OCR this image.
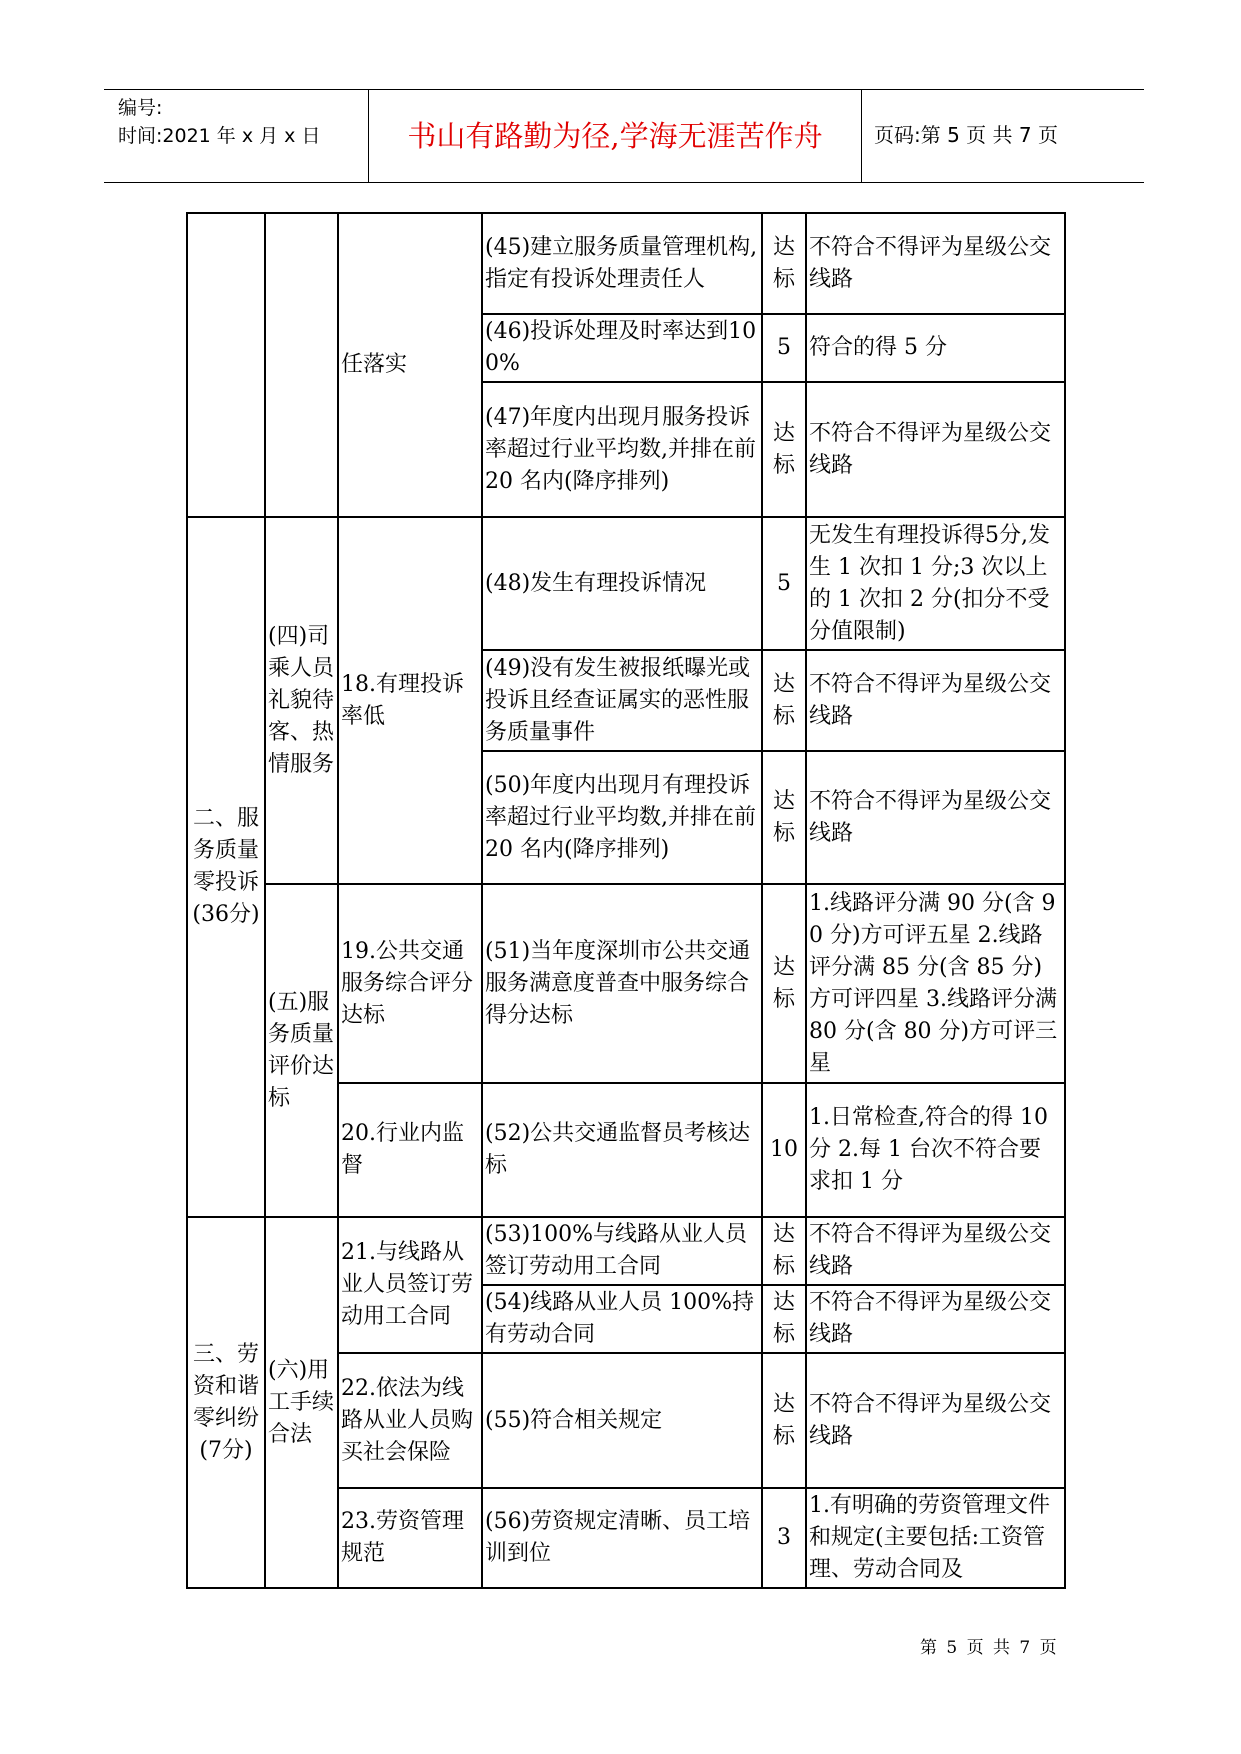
编号:
时间:2021 年 x 月 x 日	书山有路勤为径,学海无涯苦作舟	页码:第 5 页 共 7 页
		任落实	(45)建立服务质量管理机构,指定有投诉处理责任人	达标	不符合不得评为星级公交线路
			(46)投诉处理及时率达到100%	5	符合的得 5 分
			(47)年度内出现月服务投诉率超过行业平均数,并排在前 20 名内(降序排列)	达标	不符合不得评为星级公交线路
二、服务质量零投诉(36分)	(四)司乘人员礼貌待客、热情服务	18.有理投诉率低	(48)发生有理投诉情况	5	无发生有理投诉得5分,发生 1 次扣 1 分;3 次以上的 1 次扣 2 分(扣分不受分值限制)
			(49)没有发生被报纸曝光或投诉且经查证属实的恶性服务质量事件	达标	不符合不得评为星级公交线路
			(50)年度内出现月有理投诉率超过行业平均数,并排在前 20 名内(降序排列)	达标	不符合不得评为星级公交线路
	(五)服务质量评价达标	19.公共交通服务综合评分达标	(51)当年度深圳市公共交通服务满意度普查中服务综合得分达标	达标	1.线路评分满 90 分(含 90 分)方可评五星 2.线路评分满 85 分(含 85 分)方可评四星 3.线路评分满 80 分(含 80 分)方可评三星
		20.行业内监督	(52)公共交通监督员考核达标	10	1.日常检查,符合的得 10 分 2.每 1 台次不符合要求扣 1 分
三、劳资和谐零纠纷(7分)	(六)用工手续合法	21.与线路从业人员签订劳动用工合同	(53)100%与线路从业人员签订劳动用工合同	达标	不符合不得评为星级公交线路
			(54)线路从业人员 100%持有劳动合同	达标	不符合不得评为星级公交线路
		22.依法为线路从业人员购买社会保险	(55)符合相关规定	达标	不符合不得评为星级公交线路
		23.劳资管理规范	(56)劳资规定清晰、员工培训到位	3	1.有明确的劳资管理文件和规定(主要包括:工资管理、劳动合同及
第 5 页 共 7 页
